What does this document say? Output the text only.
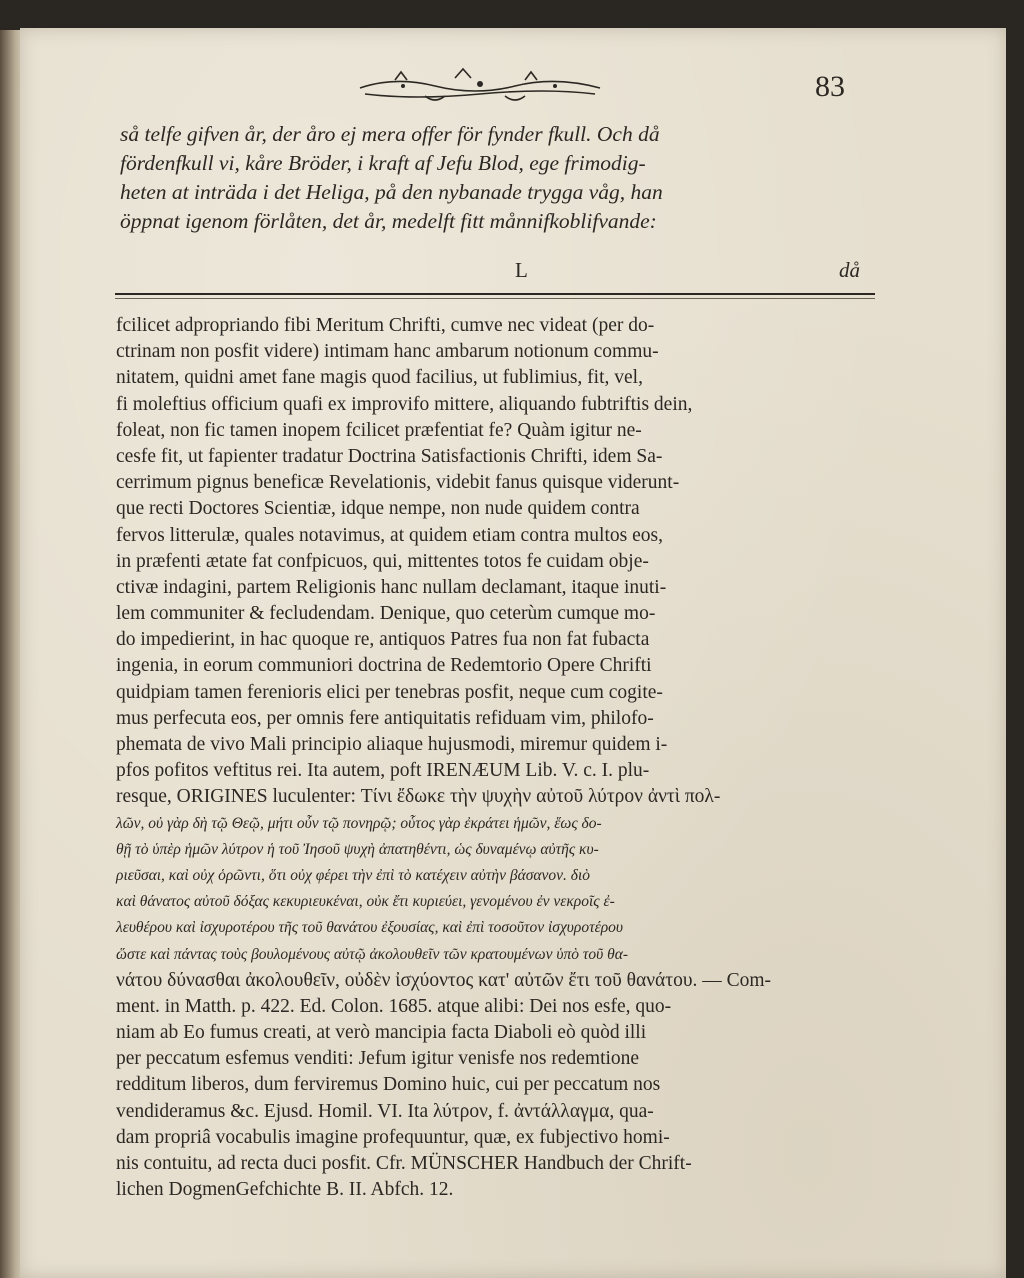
83
så telfe gifven år, der åro ej mera offer för fynder fkull. Och då
fördenfkull vi, kåre Bröder, i kraft af Jefu Blod, ege frimodig-
heten at inträda i det Heliga, på den nybanade trygga våg, han
öppnat igenom förlåten, det år, medelft fitt månnifkoblifvande:
L	då
fcilicet adpropriando fibi Meritum Chrifti, cumve nec videat (per do-
ctrinam non posfit videre) intimam hanc ambarum notionum commu-
nitatem, quidni amet fane magis quod facilius, ut fublimius, fit, vel,
fi moleftius officium quafi ex improvifo mittere, aliquando fubtriftis dein,
foleat, non fic tamen inopem fcilicet præfentiat fe? Quàm igitur ne-
cesfe fit, ut fapienter tradatur Doctrina Satisfactionis Chrifti, idem Sa-
cerrimum pignus beneficæ Revelationis, videbit fanus quisque viderunt-
que recti Doctores Scientiæ, idque nempe, non nude quidem contra
fervos litterulæ, quales notavimus, at quidem etiam contra multos eos,
in præfenti ætate fat confpicuos, qui, mittentes totos fe cuidam obje-
ctivæ indagini, partem Religionis hanc nullam declamant, itaque inuti-
lem communiter & fecludendam. Denique, quo ceterùm cumque mo-
do impedierint, in hac quoque re, antiquos Patres fua non fat fubacta
ingenia, in eorum communiori doctrina de Redemtorio Opere Chrifti
quidpiam tamen ferenioris elici per tenebras posfit, neque cum cogite-
mus perfecuta eos, per omnis fere antiquitatis refiduam vim, philofo-
phemata de vivo Mali principio aliaque hujusmodi, miremur quidem i-
pfos pofitos veftitus rei. Ita autem, poft IRENÆUM Lib. V. c. I. plu-
resque, ORIGINES luculenter: Τίνι ἔδωκε τὴν ψυχὴν αὐτοῦ λύτρον ἀντὶ πολ-
λῶν, οὐ γὰρ δὴ τῷ Θεῷ, μήτι οὖν τῷ πονηρῷ; οὗτος γὰρ ἐκράτει ἡμῶν, ἕως δο-
θῇ τὸ ὑπὲρ ἡμῶν λύτρον ἡ τοῦ Ἰησοῦ ψυχὴ ἀπατηθέντι, ὡς δυναμένῳ αὐτῆς κυ-
ριεῦσαι, καὶ οὐχ ὁρῶντι, ὅτι οὐχ φέρει τὴν ἐπὶ τὸ κατέχειν αὐτὴν βάσανον. διὸ
καὶ θάνατος αὐτοῦ δόξας κεκυριευκέναι, οὐκ ἔτι κυριεύει, γενομένου ἐν νεκροῖς ἐ-
λευθέρου καὶ ἰσχυροτέρου τῆς τοῦ θανάτου ἐξουσίας, καὶ ἐπὶ τοσοῦτον ἰσχυροτέρου
ὥστε καὶ πάντας τοὺς βουλομένους αὐτῷ ἀκολουθεῖν τῶν κρατουμένων ὑπὸ τοῦ θα-
νάτου δύνασθαι ἀκολουθεῖν, οὐδὲν ἰσχύοντος κατ' αὐτῶν ἔτι τοῦ θανάτου. — Com-
ment. in Matth. p. 422. Ed. Colon. 1685. atque alibi: Dei nos esfe, quo-
niam ab Eo fumus creati, at verò mancipia facta Diaboli eò quòd illi
per peccatum esfemus venditi: Jefum igitur venisfe nos redemtione
redditum liberos, dum ferviremus Domino huic, cui per peccatum nos
vendideramus &c. Ejusd. Homil. VI. Ita λύτρον, f. ἀντάλλαγμα, qua-
dam propriâ vocabulis imagine profequuntur, quæ, ex fubjectivo homi-
nis contuitu, ad recta duci posfit. Cfr. MÜNSCHER Handbuch der Chrift-
lichen DogmenGefchichte B. II. Abfch. 12.
